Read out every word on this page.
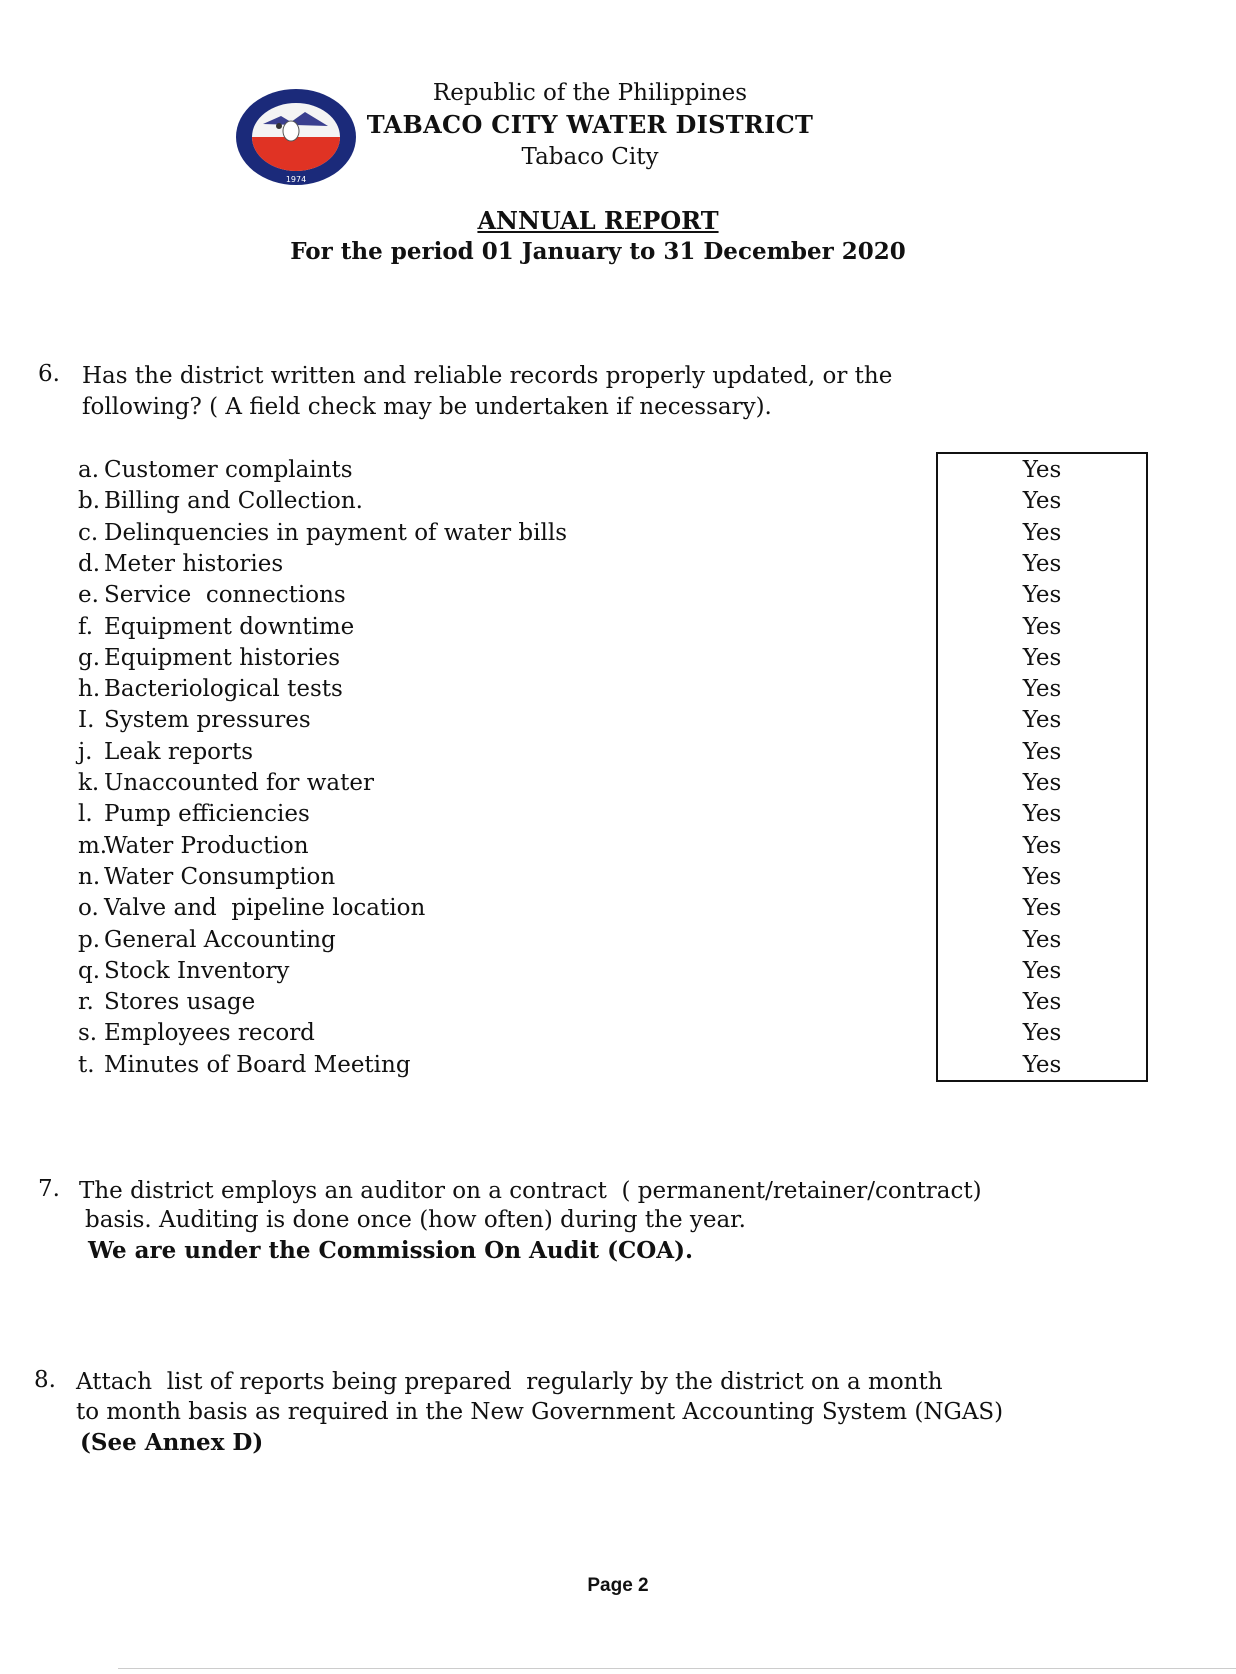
1974
Republic of the Philippines
TABACO CITY WATER DISTRICT
Tabaco City
ANNUAL REPORT
For the period 01 January to 31 December 2020
6. Has the district written and reliable records properly updated, or the
following? ( A field check may be undertaken if necessary).
a. Customer complaints
b. Billing and Collection.
c. Delinquencies in payment of water bills
d. Meter histories
e. Service  connections
f. Equipment downtime
g. Equipment histories
h. Bacteriological tests
I. System pressures
j. Leak reports
k. Unaccounted for water
l. Pump efficiencies
m.Water Production
n. Water Consumption
o. Valve and  pipeline location
p. General Accounting
q. Stock Inventory
r. Stores usage
s. Employees record
t. Minutes of Board Meeting
Yes
Yes
Yes
Yes
Yes
Yes
Yes
Yes
Yes
Yes
Yes
Yes
Yes
Yes
Yes
Yes
Yes
Yes
Yes
Yes
7. The district employs an auditor on a contract  ( permanent/retainer/contract)
basis. Auditing is done once (how often) during the year.
We are under the Commission On Audit (COA).
8. Attach  list of reports being prepared  regularly by the district on a month
to month basis as required in the New Government Accounting System (NGAS)
(See Annex D)
Page 2
